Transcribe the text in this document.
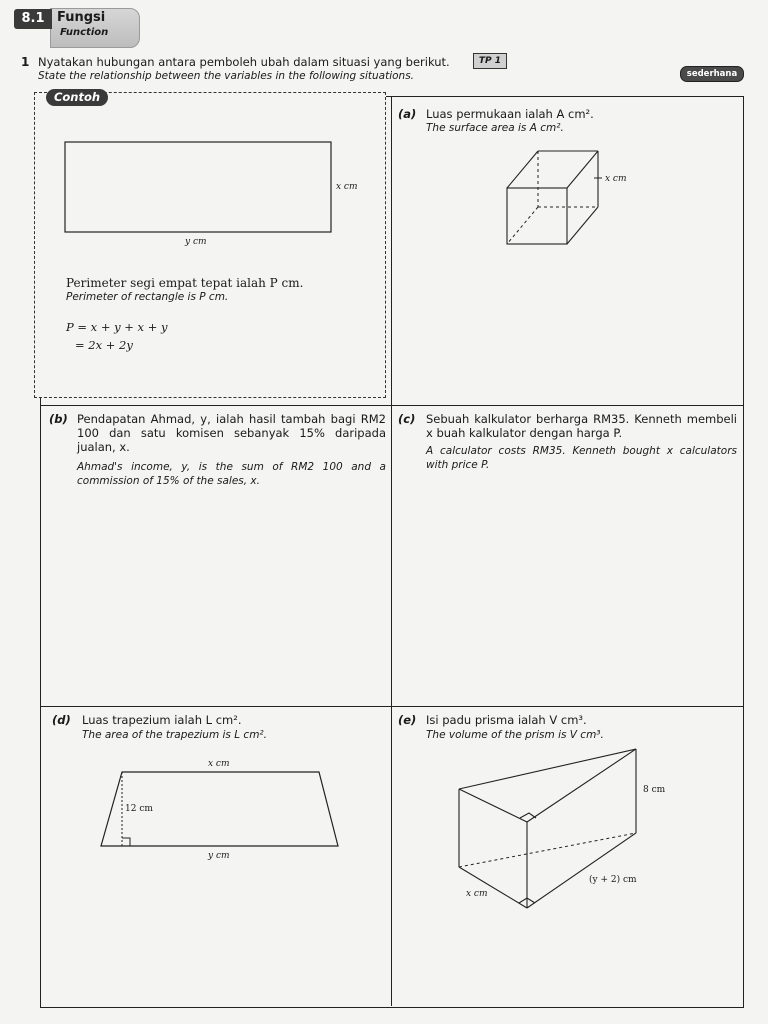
8.1 Fungsi
Function
1 Nyatakan hubungan antara pemboleh ubah dalam situasi yang berikut.
State the relationship between the variables in the following situations.
TP 1
sederhana
Contoh
x cm
y cm
Perimeter segi empat tepat ialah P cm.
Perimeter of rectangle is P cm.
P = x + y + x + y
= 2x + 2y
(a) Luas permukaan ialah A cm².
The surface area is A cm².
x cm
(b) Pendapatan Ahmad, y, ialah hasil tambah bagi RM2 100 dan satu komisen sebanyak 15% daripada jualan, x.
Ahmad's income, y, is the sum of RM2 100 and a commission of 15% of the sales, x.
(c) Sebuah kalkulator berharga RM35. Kenneth membeli x buah kalkulator dengan harga P.
A calculator costs RM35. Kenneth bought x calculators with price P.
(d) Luas trapezium ialah L cm².
The area of the trapezium is L cm².
x cm
12 cm
y cm
(e) Isi padu prisma ialah V cm³.
The volume of the prism is V cm³.
8 cm
(y + 2) cm
x cm
